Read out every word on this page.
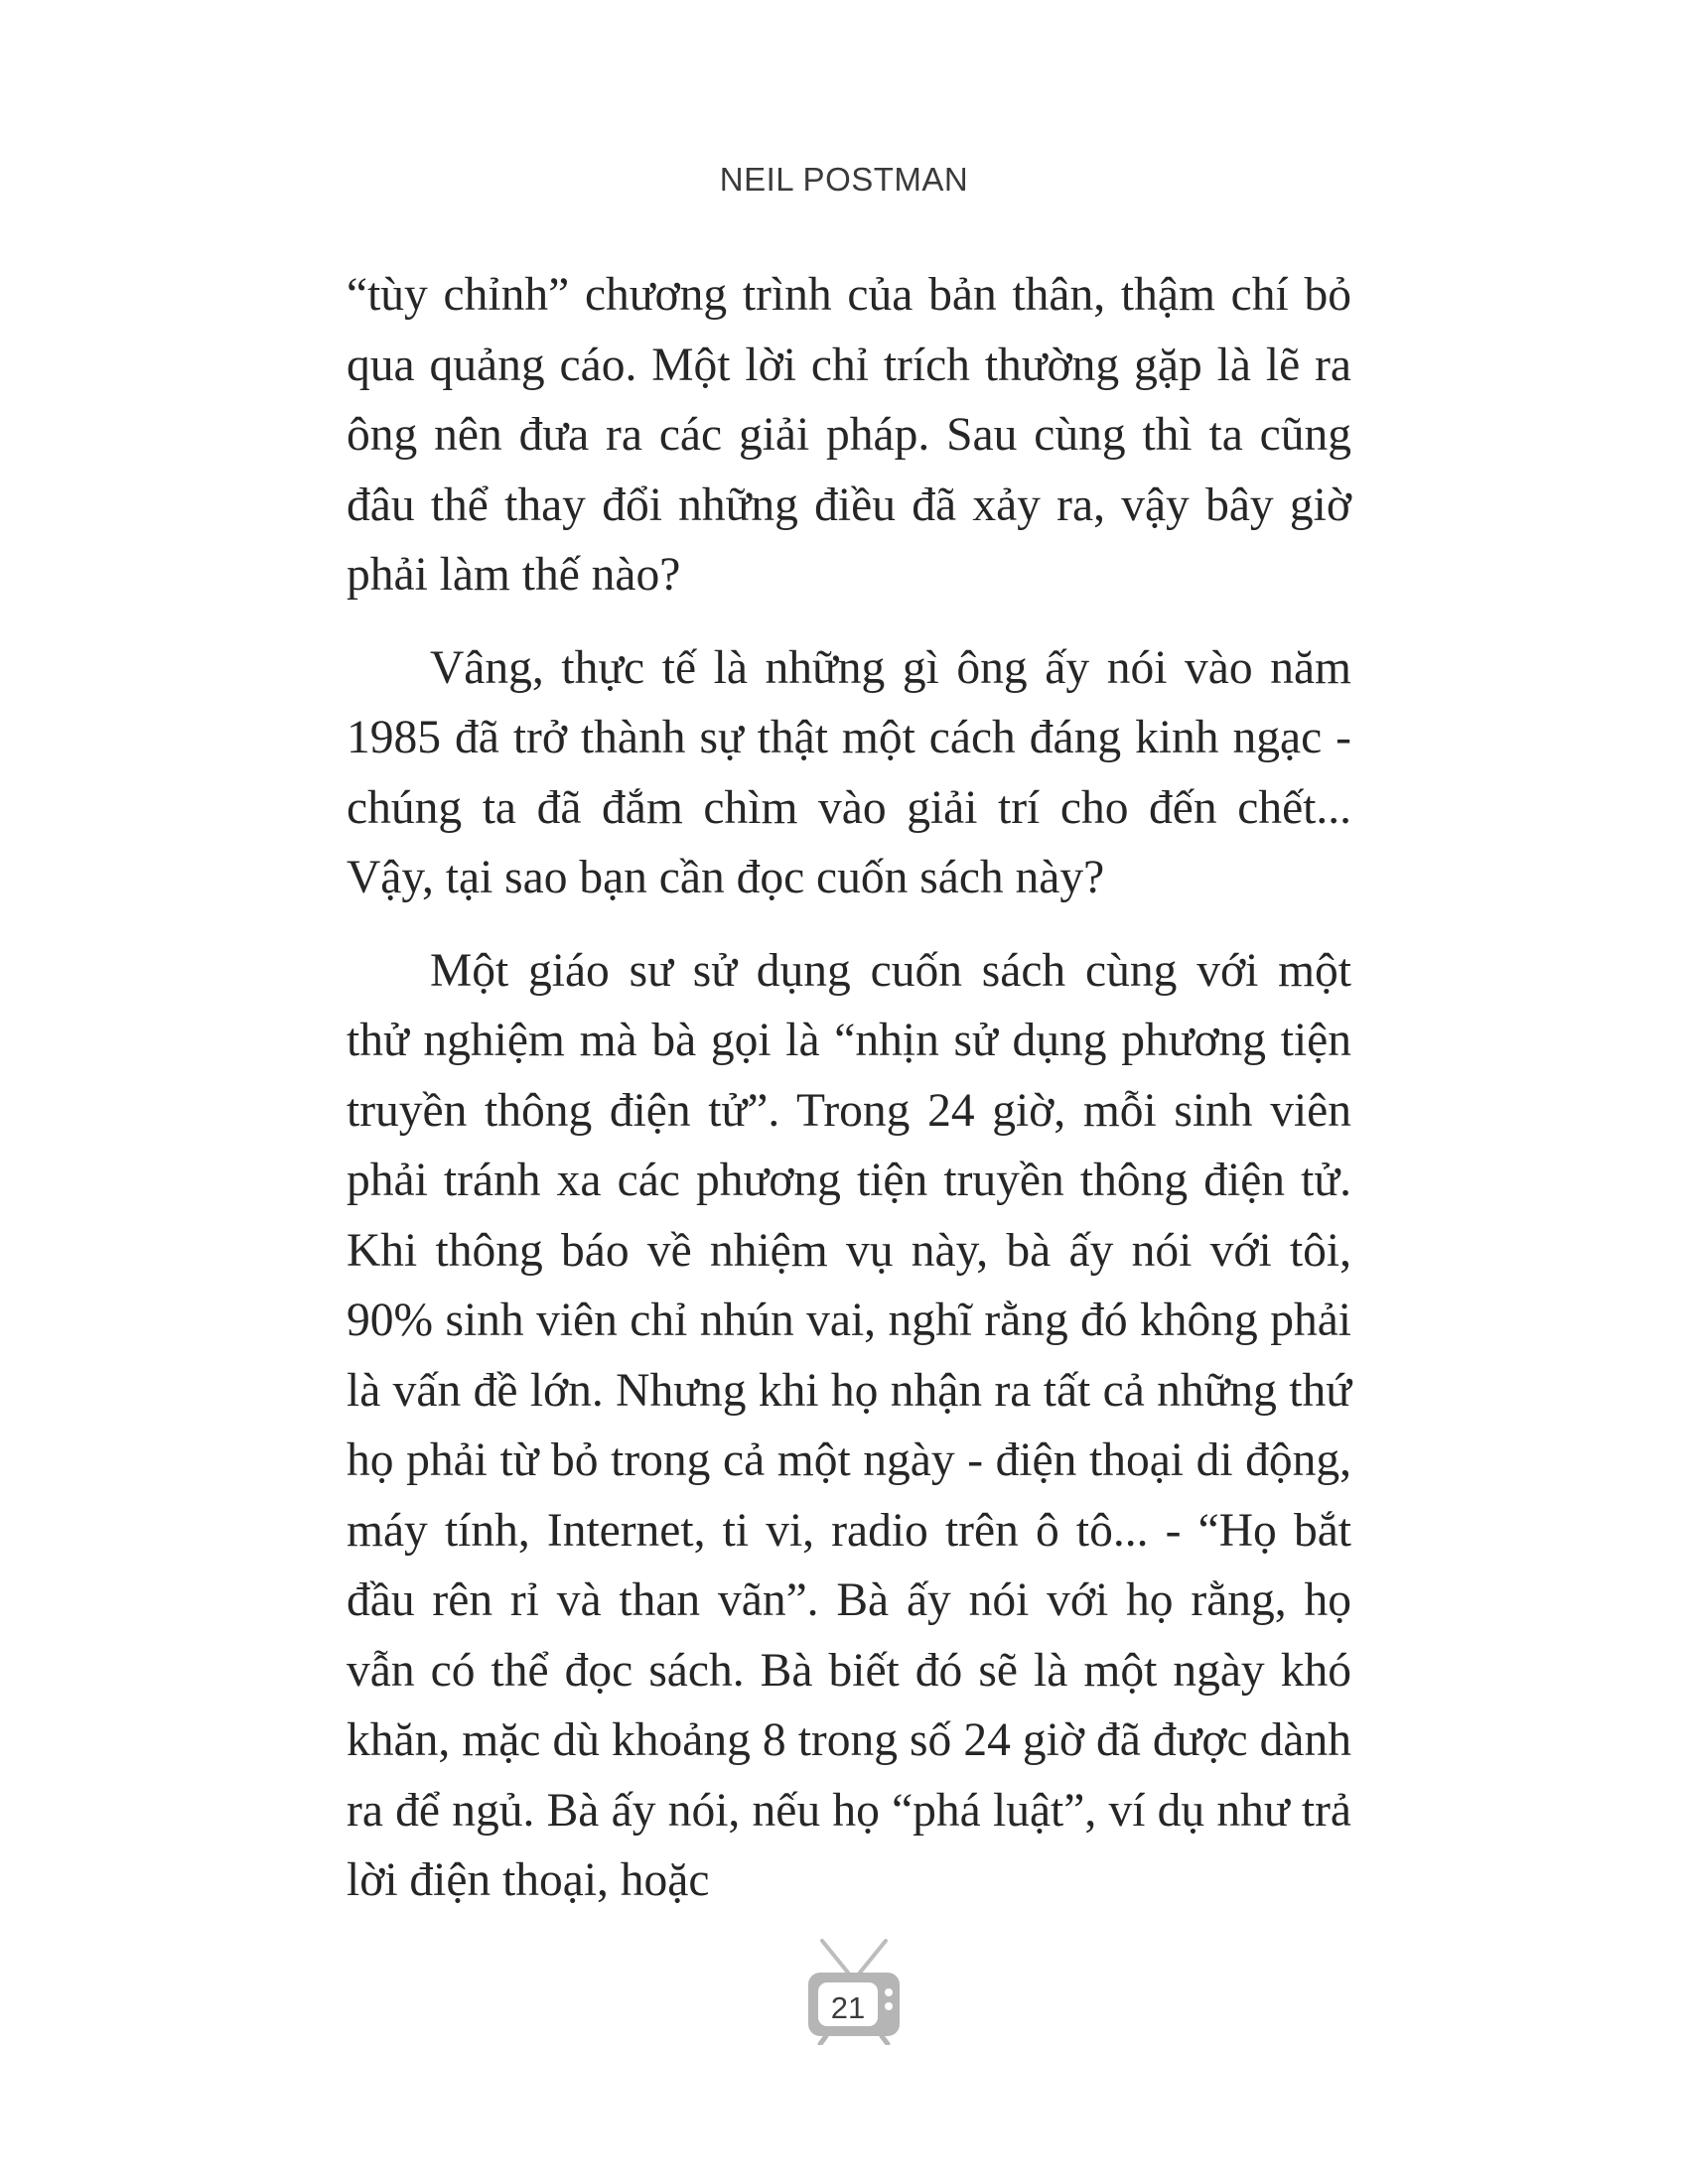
NEIL POSTMAN

“tùy chỉnh” chương trình của bản thân, thậm chí bỏ qua quảng cáo. Một lời chỉ trích thường gặp là lẽ ra ông nên đưa ra các giải pháp. Sau cùng thì ta cũng đâu thể thay đổi những điều đã xảy ra, vậy bây giờ phải làm thế nào?

Vâng, thực tế là những gì ông ấy nói vào năm 1985 đã trở thành sự thật một cách đáng kinh ngạc - chúng ta đã đắm chìm vào giải trí cho đến chết... Vậy, tại sao bạn cần đọc cuốn sách này?

Một giáo sư sử dụng cuốn sách cùng với một thử nghiệm mà bà gọi là “nhịn sử dụng phương tiện truyền thông điện tử”. Trong 24 giờ, mỗi sinh viên phải tránh xa các phương tiện truyền thông điện tử. Khi thông báo về nhiệm vụ này, bà ấy nói với tôi, 90% sinh viên chỉ nhún vai, nghĩ rằng đó không phải là vấn đề lớn. Nhưng khi họ nhận ra tất cả những thứ họ phải từ bỏ trong cả một ngày - điện thoại di động, máy tính, Internet, ti vi, radio trên ô tô... - “Họ bắt đầu rên rỉ và than vãn”. Bà ấy nói với họ rằng, họ vẫn có thể đọc sách. Bà biết đó sẽ là một ngày khó khăn, mặc dù khoảng 8 trong số 24 giờ đã được dành ra để ngủ. Bà ấy nói, nếu họ “phá luật”, ví dụ như trả lời điện thoại, hoặc

21
